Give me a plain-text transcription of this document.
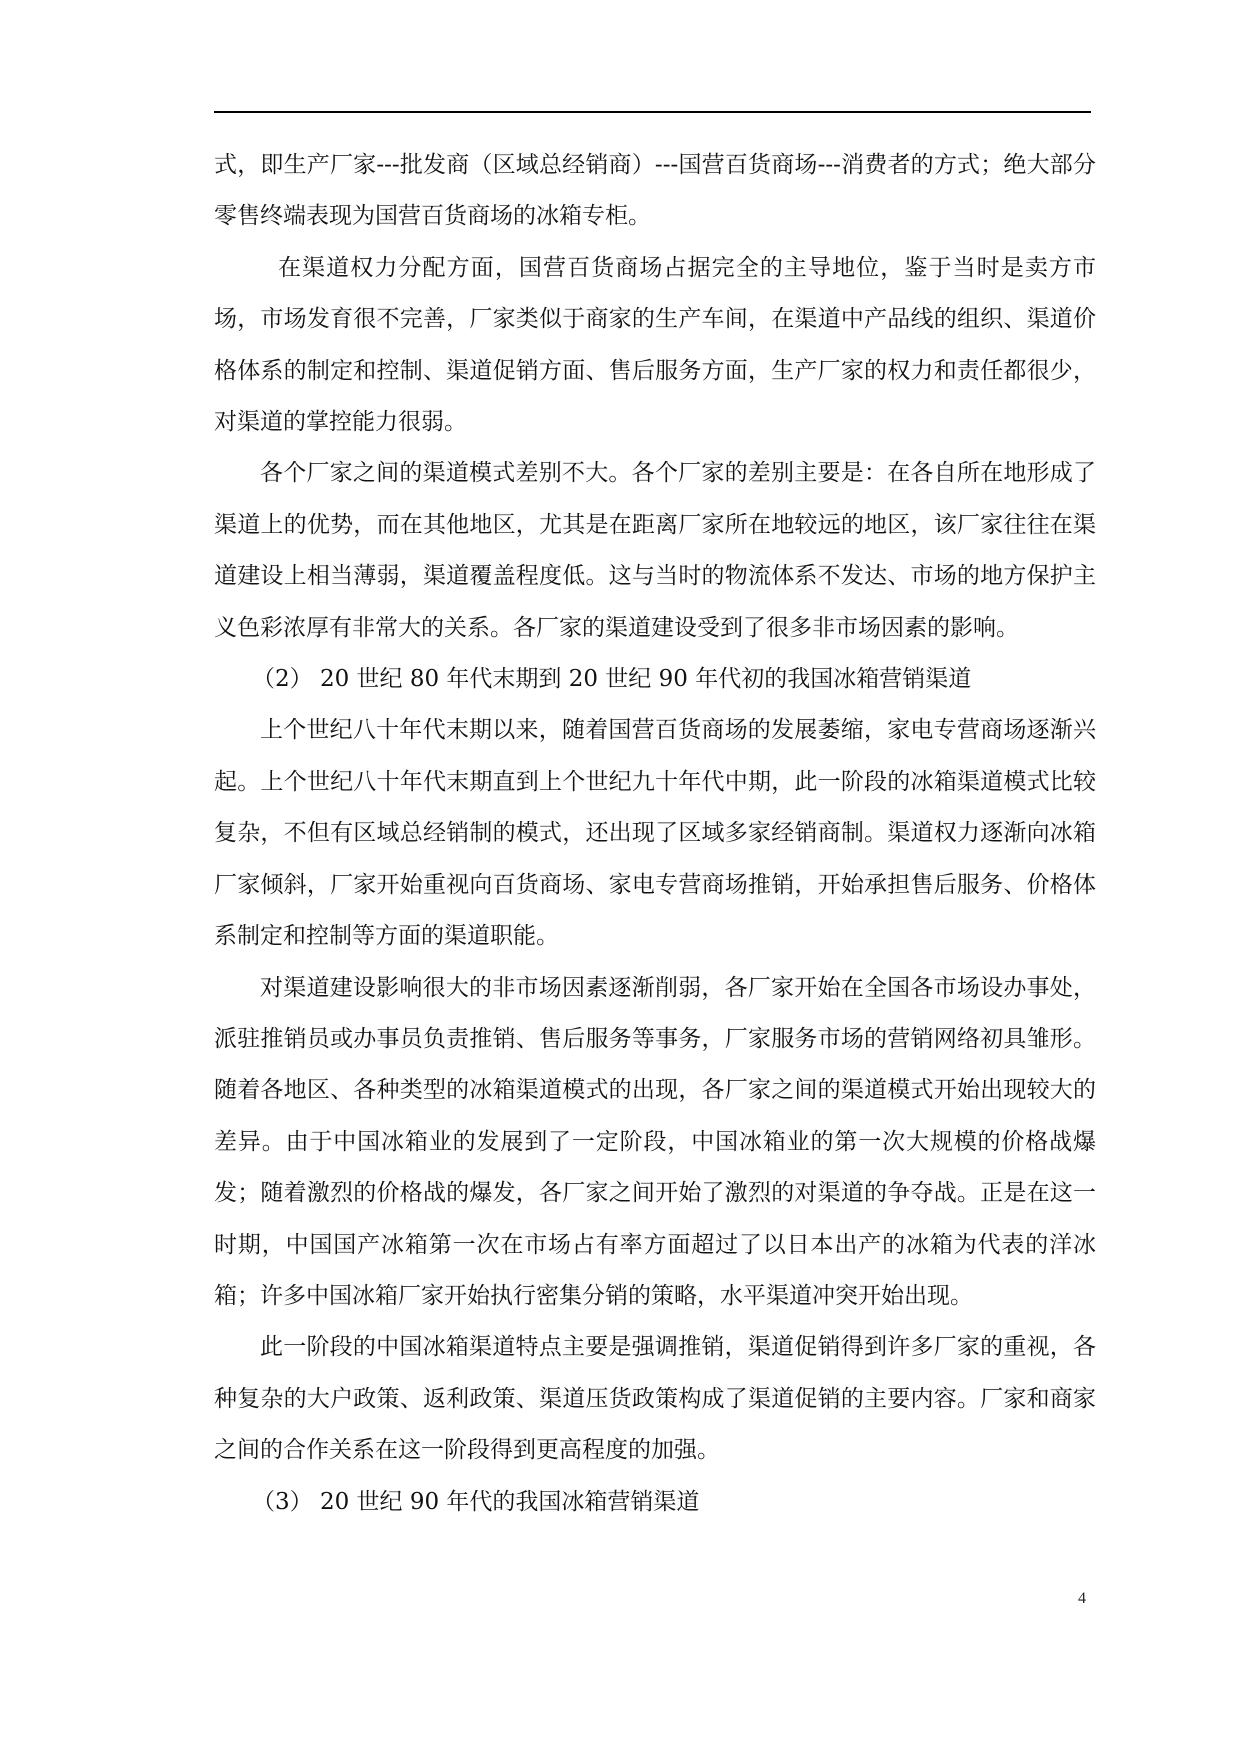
式，即生产厂家---批发商（区域总经销商）---国营百货商场---消费者的方式；绝大部分零售终端表现为国营百货商场的冰箱专柜。

在渠道权力分配方面，国营百货商场占据完全的主导地位，鉴于当时是卖方市场，市场发育很不完善，厂家类似于商家的生产车间，在渠道中产品线的组织、渠道价格体系的制定和控制、渠道促销方面、售后服务方面，生产厂家的权力和责任都很少，对渠道的掌控能力很弱。

各个厂家之间的渠道模式差别不大。各个厂家的差别主要是：在各自所在地形成了渠道上的优势，而在其他地区，尤其是在距离厂家所在地较远的地区，该厂家往往在渠道建设上相当薄弱，渠道覆盖程度低。这与当时的物流体系不发达、市场的地方保护主义色彩浓厚有非常大的关系。各厂家的渠道建设受到了很多非市场因素的影响。

（2） 20 世纪 80 年代末期到 20 世纪 90 年代初的我国冰箱营销渠道

上个世纪八十年代末期以来，随着国营百货商场的发展萎缩，家电专营商场逐渐兴起。上个世纪八十年代末期直到上个世纪九十年代中期，此一阶段的冰箱渠道模式比较复杂，不但有区域总经销制的模式，还出现了区域多家经销商制。渠道权力逐渐向冰箱厂家倾斜，厂家开始重视向百货商场、家电专营商场推销，开始承担售后服务、价格体系制定和控制等方面的渠道职能。

对渠道建设影响很大的非市场因素逐渐削弱，各厂家开始在全国各市场设办事处，派驻推销员或办事员负责推销、售后服务等事务，厂家服务市场的营销网络初具雏形。随着各地区、各种类型的冰箱渠道模式的出现，各厂家之间的渠道模式开始出现较大的差异。由于中国冰箱业的发展到了一定阶段，中国冰箱业的第一次大规模的价格战爆发；随着激烈的价格战的爆发，各厂家之间开始了激烈的对渠道的争夺战。正是在这一时期，中国国产冰箱第一次在市场占有率方面超过了以日本出产的冰箱为代表的洋冰箱；许多中国冰箱厂家开始执行密集分销的策略，水平渠道冲突开始出现。

此一阶段的中国冰箱渠道特点主要是强调推销，渠道促销得到许多厂家的重视，各种复杂的大户政策、返利政策、渠道压货政策构成了渠道促销的主要内容。厂家和商家之间的合作关系在这一阶段得到更高程度的加强。

（3） 20 世纪 90 年代的我国冰箱营销渠道

4
